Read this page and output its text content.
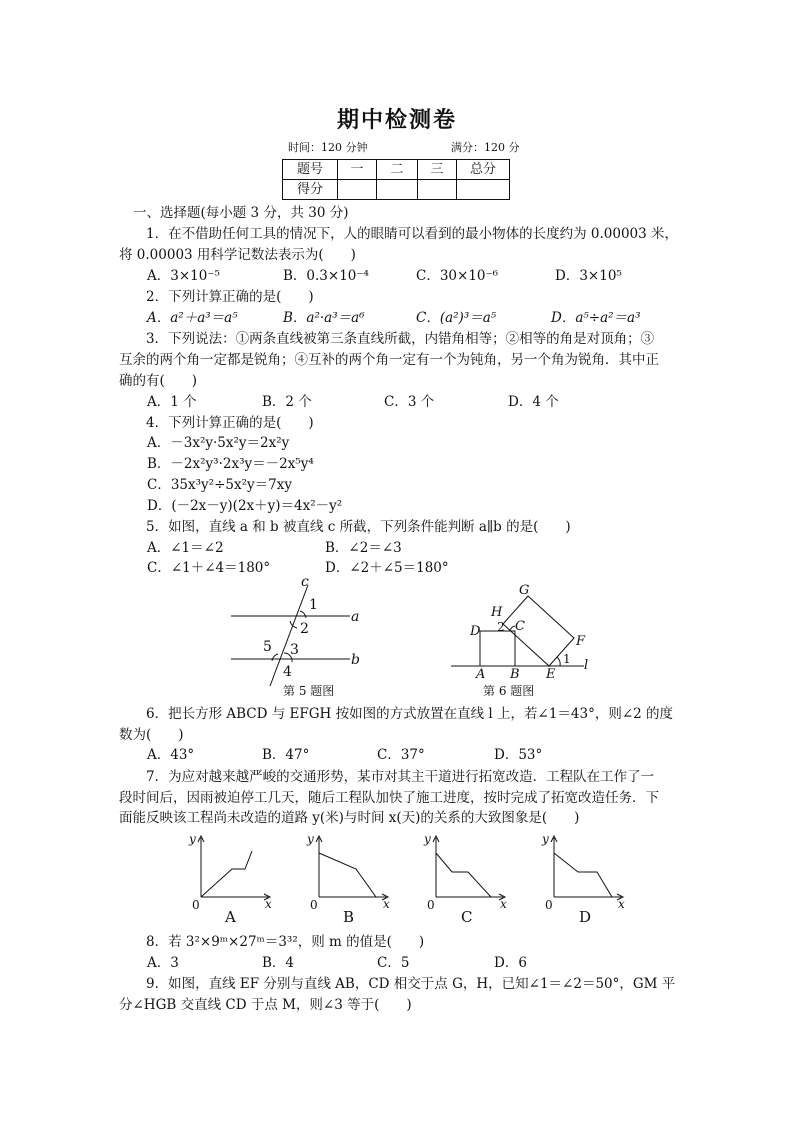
期中检测卷
时间：120 分钟	满分：120 分
题号	一	二	三	总分
得分				
一、选择题(每小题 3 分，共 30 分)
1．在不借助任何工具的情况下，人的眼睛可以看到的最小物体的长度约为 0.00003 米，
将 0.00003 用科学记数法表示为(　　)
A．3×10⁻⁵	B．0.3×10⁻⁴	C．30×10⁻⁶	D．3×10⁵
2．下列计算正确的是(　　)
A．a²＋a³＝a⁵	B．a²·a³＝a⁶	C．(a²)³＝a⁵	D．a⁵÷a²＝a³
3．下列说法：①两条直线被第三条直线所截，内错角相等；②相等的角是对顶角；③
互余的两个角一定都是锐角；④互补的两个角一定有一个为钝角，另一个角为锐角．其中正
确的有(　　)
A．1 个	B．2 个	C．3 个	D．4 个
4．下列计算正确的是(　　)
A．－3x²y·5x²y＝2x²y
B．－2x²y³·2x³y＝－2x⁵y⁴
C．35x³y²÷5x²y＝7xy
D．(－2x－y)(2x＋y)＝4x²－y²
5．如图，直线 a 和 b 被直线 c 所截，下列条件能判断 a∥b 的是(　　)
A．∠1＝∠2	B．∠2＝∠3
C．∠1＋∠4＝180°	D．∠2＋∠5＝180°
c
a
b
1
2
3
4
5
第 5 题图
G
H
D	C
F
A B E
l
1
2
第 6 题图
y
x
0
y
x
0
y
x
0
y
x
0
A	B	C	D
6．把长方形 ABCD 与 EFGH 按如图的方式放置在直线 l 上，若∠1＝43°，则∠2 的度
数为(　　)
A．43°	B．47°	C．37°	D．53°
7．为应对越来越严峻的交通形势，某市对其主干道进行拓宽改造．工程队在工作了一
段时间后，因雨被迫停工几天，随后工程队加快了施工进度，按时完成了拓宽改造任务．下
面能反映该工程尚未改造的道路 y(米)与时间 x(天)的关系的大致图象是(　　)
8．若 3²×9ᵐ×27ᵐ＝3³²，则 m 的值是(　　)
A．3	B．4	C．5	D．6
9．如图，直线 EF 分别与直线 AB，CD 相交于点 G，H，已知∠1＝∠2＝50°，GM 平
分∠HGB 交直线 CD 于点 M，则∠3 等于(　　)
